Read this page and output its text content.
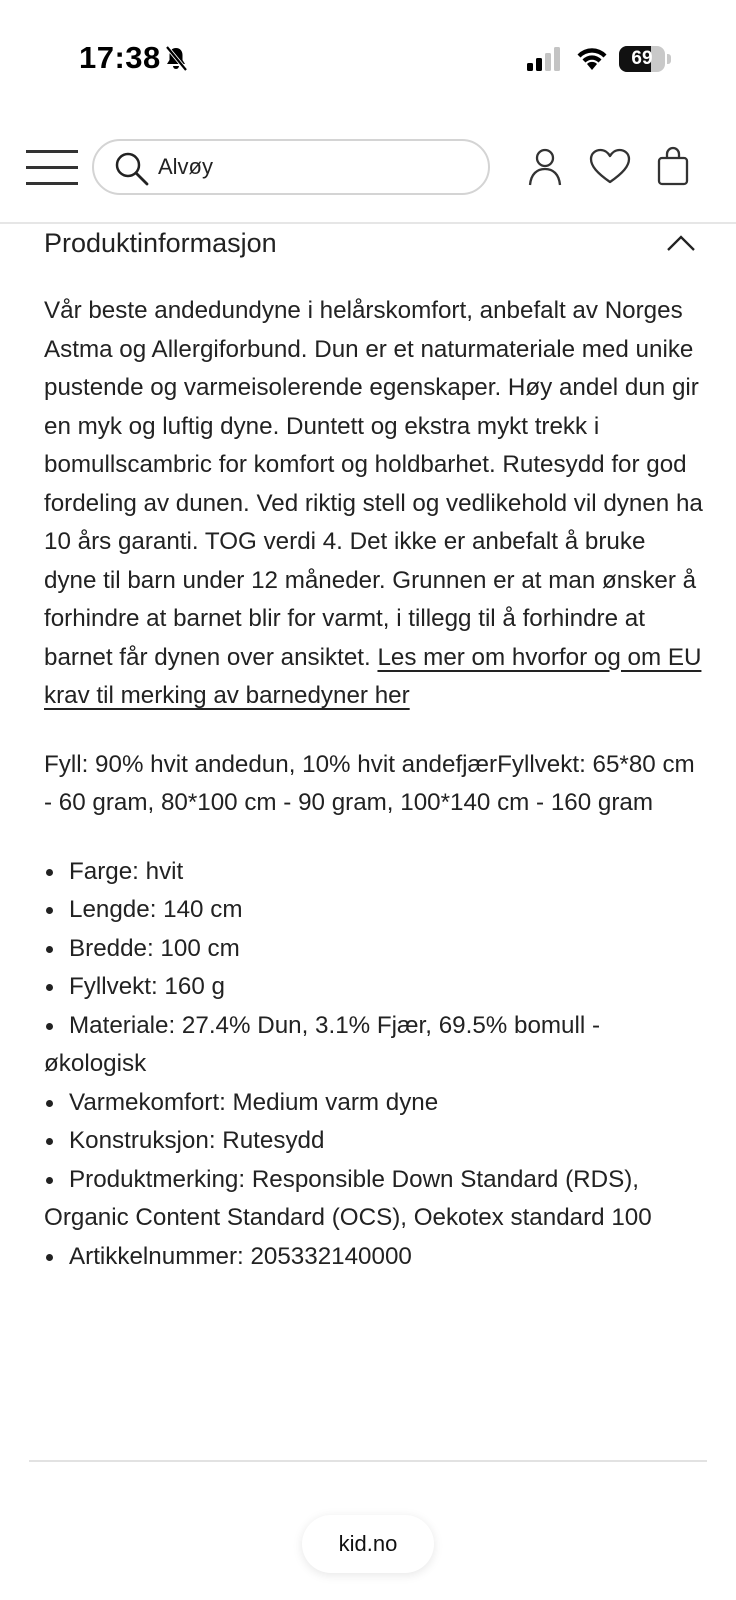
17:38	69
Alvøy
Produktinformasjon

Vår beste andedundyne i helårskomfort, anbefalt av Norges Astma og Allergiforbund. Dun er et naturmateriale med unike pustende og varmeisolerende egenskaper. Høy andel dun gir en myk og luftig dyne. Duntett og ekstra mykt trekk i bomullscambric for komfort og holdbarhet. Rutesydd for god fordeling av dunen. Ved riktig stell og vedlikehold vil dynen ha 10 års garanti. TOG verdi 4. Det ikke er anbefalt å bruke dyne til barn under 12 måneder. Grunnen er at man ønsker å forhindre at barnet blir for varmt, i tillegg til å forhindre at barnet får dynen over ansiktet. Les mer om hvorfor og om EU krav til merking av barnedyner her

Fyll: 90% hvit andedun, 10% hvit andefjærFyllvekt: 65*80 cm - 60 gram, 80*100 cm - 90 gram, 100*140 cm - 160 gram

Farge: hvit
Lengde: 140 cm
Bredde: 100 cm
Fyllvekt: 160 g
Materiale: 27.4% Dun, 3.1% Fjær, 69.5% bomull - økologisk
Varmekomfort: Medium varm dyne
Konstruksjon: Rutesydd
Produktmerking: Responsible Down Standard (RDS), Organic Content Standard (OCS), Oekotex standard 100
Artikkelnummer: 205332140000
kid.no
